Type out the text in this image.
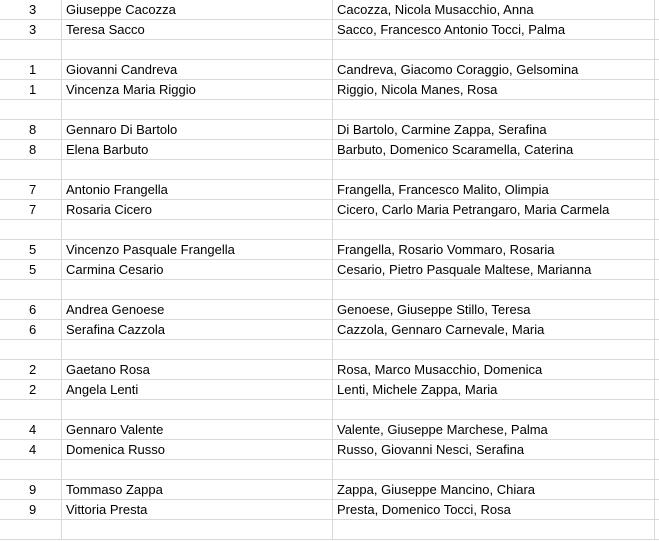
3	Giuseppe Cacozza	Cacozza, Nicola Musacchio, Anna
3	Teresa Sacco	Sacco, Francesco Antonio Tocci, Palma
1	Giovanni Candreva	Candreva, Giacomo Coraggio, Gelsomina
1	Vincenza Maria Riggio	Riggio, Nicola Manes, Rosa
8	Gennaro Di Bartolo	Di Bartolo, Carmine Zappa, Serafina
8	Elena Barbuto	Barbuto, Domenico Scaramella, Caterina
7	Antonio Frangella	Frangella, Francesco Malito, Olimpia
7	Rosaria Cicero	Cicero, Carlo Maria Petrangaro, Maria Carmela
5	Vincenzo Pasquale Frangella	Frangella, Rosario Vommaro, Rosaria
5	Carmina Cesario	Cesario, Pietro Pasquale Maltese, Marianna
6	Andrea Genoese	Genoese, Giuseppe Stillo, Teresa
6	Serafina Cazzola	Cazzola, Gennaro Carnevale, Maria
2	Gaetano Rosa	Rosa, Marco Musacchio, Domenica
2	Angela Lenti	Lenti, Michele Zappa, Maria
4	Gennaro Valente	Valente, Giuseppe Marchese, Palma
4	Domenica Russo	Russo, Giovanni Nesci, Serafina
9	Tommaso Zappa	Zappa, Giuseppe Mancino, Chiara
9	Vittoria Presta	Presta, Domenico Tocci, Rosa
